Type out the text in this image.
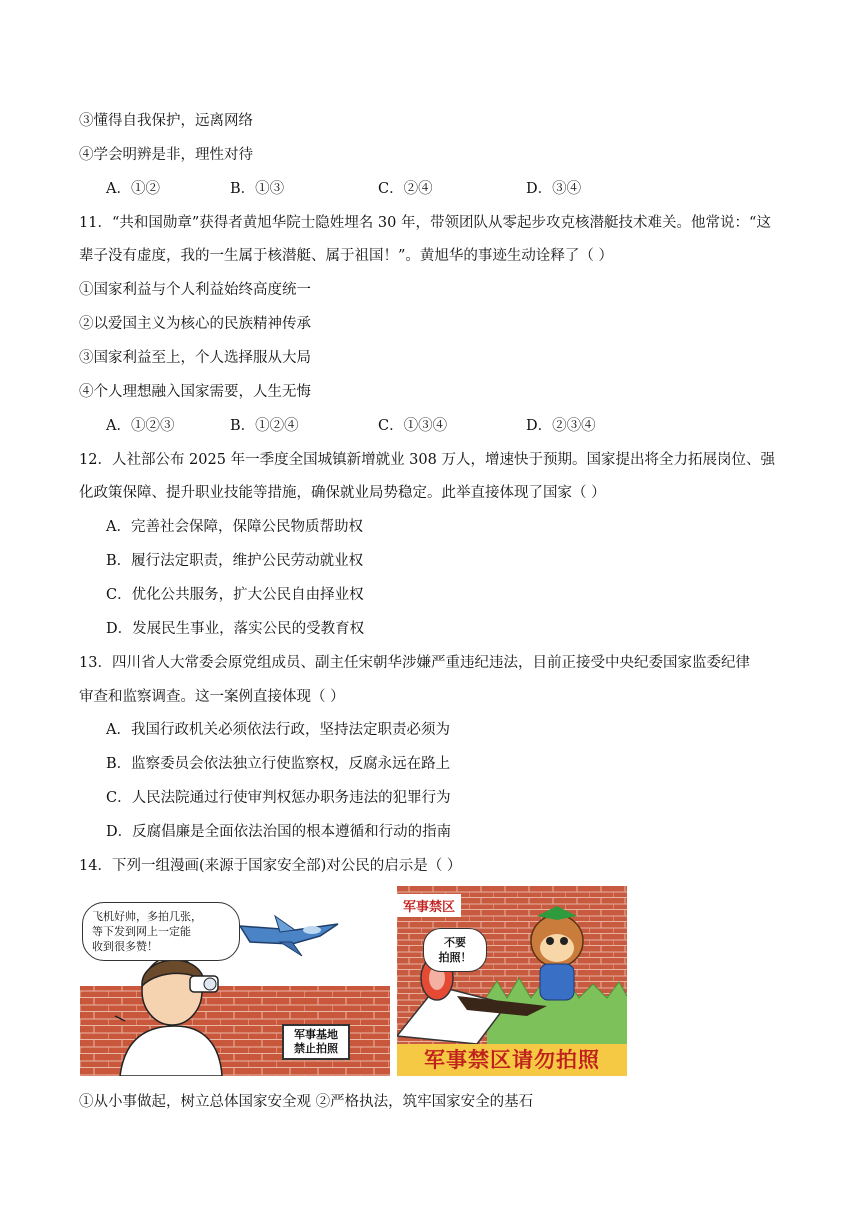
③懂得自我保护，远离网络
④学会明辨是非，理性对待
A．①②	B．①③	C．②④	D．③④
11．“共和国勋章”获得者黄旭华院士隐姓埋名 30 年，带领团队从零起步攻克核潜艇技术难关。他常说：“这
辈子没有虚度，我的一生属于核潜艇、属于祖国！”。黄旭华的事迹生动诠释了（ ）
①国家利益与个人利益始终高度统一
②以爱国主义为核心的民族精神传承
③国家利益至上，个人选择服从大局
④个人理想融入国家需要，人生无悔
A．①②③	B．①②④	C．①③④	D．②③④
12．人社部公布 2025 年一季度全国城镇新增就业 308 万人，增速快于预期。国家提出将全力拓展岗位、强
化政策保障、提升职业技能等措施，确保就业局势稳定。此举直接体现了国家（ ）
A．完善社会保障，保障公民物质帮助权
B．履行法定职责，维护公民劳动就业权
C．优化公共服务，扩大公民自由择业权
D．发展民生事业，落实公民的受教育权
13．四川省人大常委会原党组成员、副主任宋朝华涉嫌严重违纪违法，目前正接受中央纪委国家监委纪律
审查和监察调查。这一案例直接体现（ ）
A．我国行政机关必须依法行政，坚持法定职责必须为
B．监察委员会依法独立行使监察权，反腐永远在路上
C．人民法院通过行使审判权惩办职务违法的犯罪行为
D．反腐倡廉是全面依法治国的根本遵循和行动的指南
14．下列一组漫画(来源于国家安全部)对公民的启示是（ ）
飞机好帅，多拍几张，
等下发到网上一定能
收到很多赞！
军事基地
禁止拍照
军事禁区
不要
拍照！
军事禁区请勿拍照
①从小事做起，树立总体国家安全观 ②严格执法，筑牢国家安全的基石
